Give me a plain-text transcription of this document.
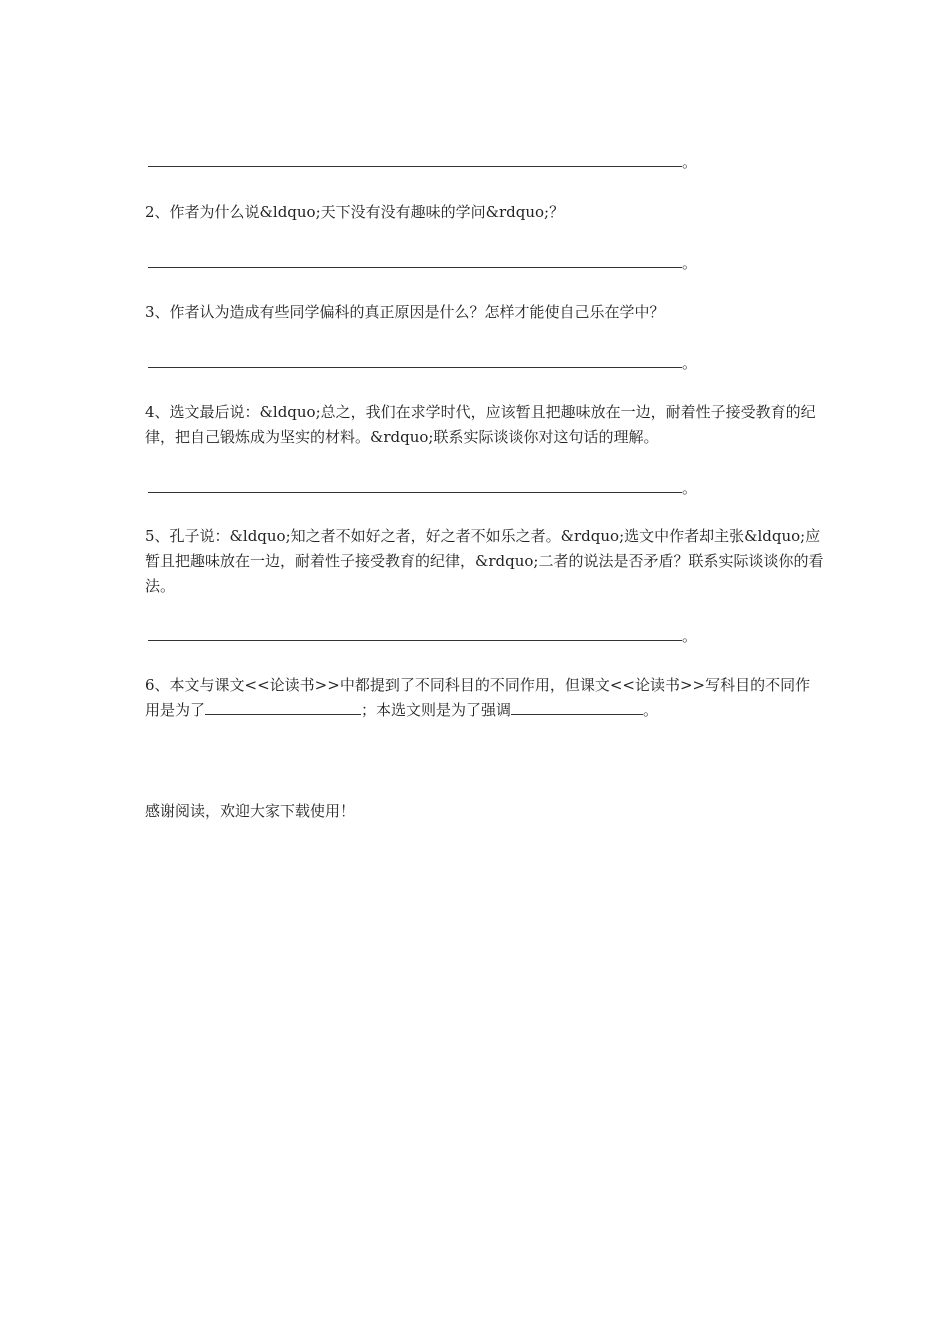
。
2、作者为什么说&ldquo;天下没有没有趣味的学问&rdquo;？
。
3、作者认为造成有些同学偏科的真正原因是什么？怎样才能使自己乐在学中？
。
4、选文最后说：&ldquo;总之，我们在求学时代，应该暂且把趣味放在一边，耐着性子接受教育的纪律，把自己锻炼成为坚实的材料。&rdquo;联系实际谈谈你对这句话的理解。
。
5、孔子说：&ldquo;知之者不如好之者，好之者不如乐之者。&rdquo;选文中作者却主张&ldquo;应暂且把趣味放在一边，耐着性子接受教育的纪律，&rdquo;二者的说法是否矛盾？联系实际谈谈你的看法。
。
6、本文与课文<<论读书>>中都提到了不同科目的不同作用，但课文<<论读书>>写科目的不同作用是为了	；本选文则是为了强调	。
感谢阅读，欢迎大家下载使用！
